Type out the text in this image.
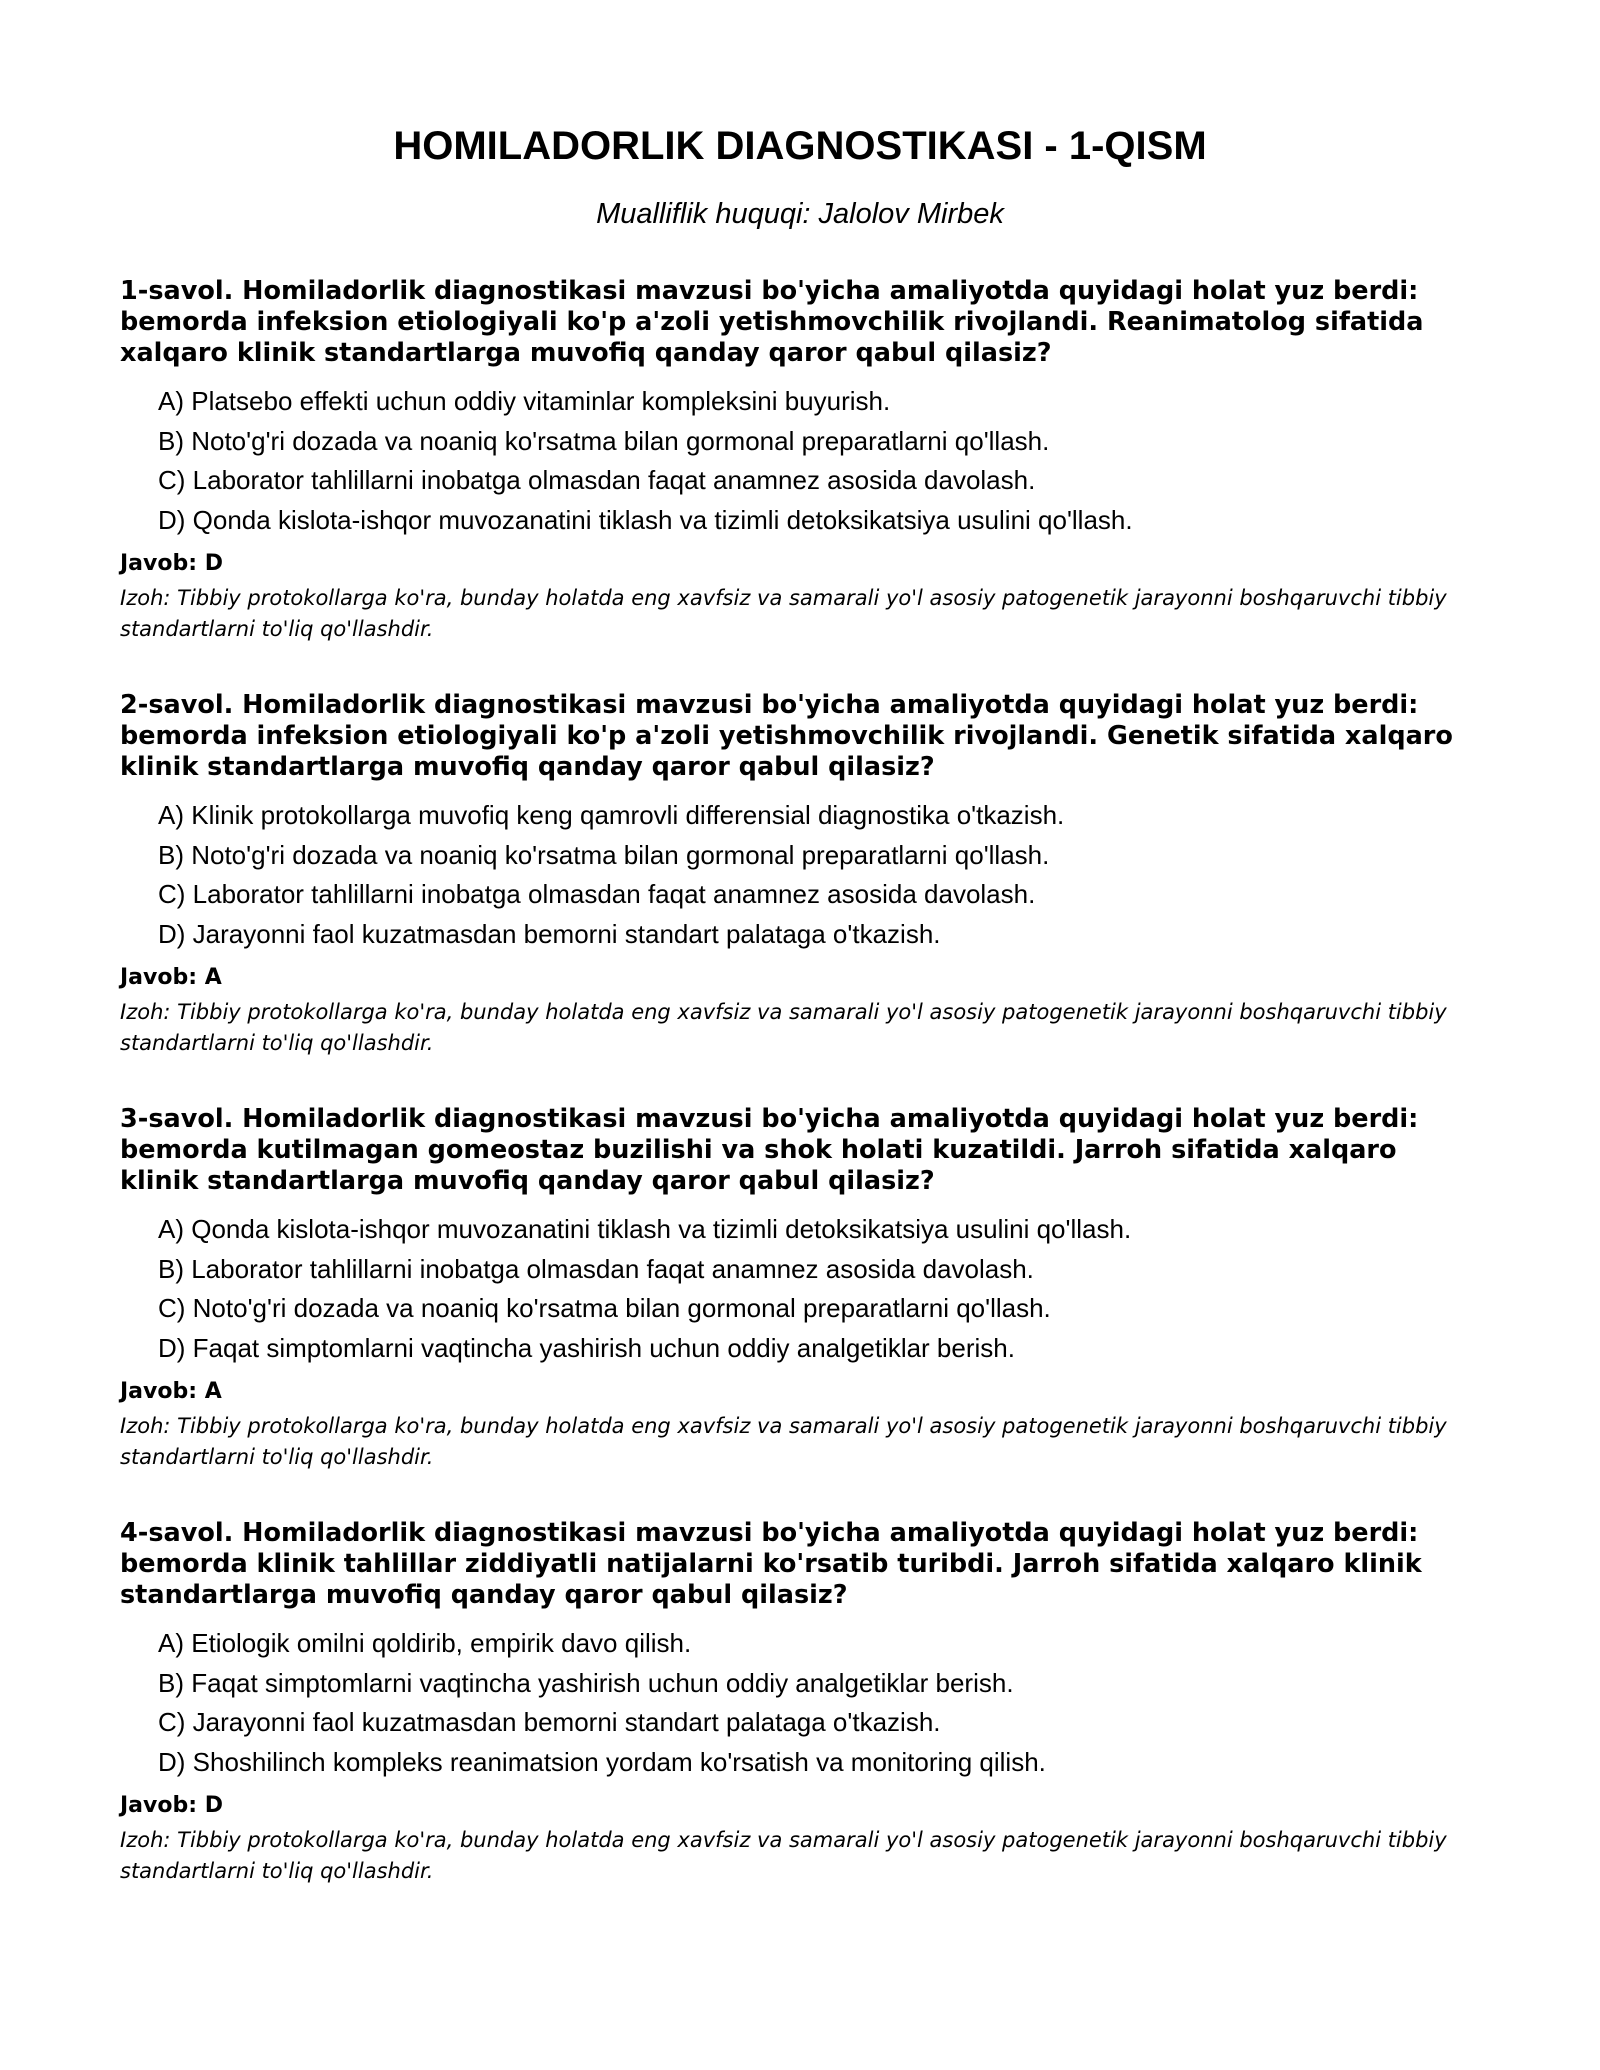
HOMILADORLIK DIAGNOSTIKASI - 1-QISM
Mualliflik huquqi: Jalolov Mirbek

1-savol. Homiladorlik diagnostikasi mavzusi bo'yicha amaliyotda quyidagi holat yuz berdi: bemorda infeksion etiologiyali ko'p a'zoli yetishmovchilik rivojlandi. Reanimatolog sifatida xalqaro klinik standartlarga muvofiq qanday qaror qabul qilasiz?

A) Platsebo effekti uchun oddiy vitaminlar kompleksini buyurish.
B) Noto'g'ri dozada va noaniq ko'rsatma bilan gormonal preparatlarni qo'llash.
C) Laborator tahlillarni inobatga olmasdan faqat anamnez asosida davolash.
D) Qonda kislota-ishqor muvozanatini tiklash va tizimli detoksikatsiya usulini qo'llash.
Javob: D
Izoh: Tibbiy protokollarga ko'ra, bunday holatda eng xavfsiz va samarali yo'l asosiy patogenetik jarayonni boshqaruvchi tibbiy standartlarni to'liq qo'llashdir.

2-savol. Homiladorlik diagnostikasi mavzusi bo'yicha amaliyotda quyidagi holat yuz berdi: bemorda infeksion etiologiyali ko'p a'zoli yetishmovchilik rivojlandi. Genetik sifatida xalqaro klinik standartlarga muvofiq qanday qaror qabul qilasiz?

A) Klinik protokollarga muvofiq keng qamrovli differensial diagnostika o'tkazish.
B) Noto'g'ri dozada va noaniq ko'rsatma bilan gormonal preparatlarni qo'llash.
C) Laborator tahlillarni inobatga olmasdan faqat anamnez asosida davolash.
D) Jarayonni faol kuzatmasdan bemorni standart palataga o'tkazish.
Javob: A
Izoh: Tibbiy protokollarga ko'ra, bunday holatda eng xavfsiz va samarali yo'l asosiy patogenetik jarayonni boshqaruvchi tibbiy standartlarni to'liq qo'llashdir.

3-savol. Homiladorlik diagnostikasi mavzusi bo'yicha amaliyotda quyidagi holat yuz berdi: bemorda kutilmagan gomeostaz buzilishi va shok holati kuzatildi. Jarroh sifatida xalqaro klinik standartlarga muvofiq qanday qaror qabul qilasiz?

A) Qonda kislota-ishqor muvozanatini tiklash va tizimli detoksikatsiya usulini qo'llash.
B) Laborator tahlillarni inobatga olmasdan faqat anamnez asosida davolash.
C) Noto'g'ri dozada va noaniq ko'rsatma bilan gormonal preparatlarni qo'llash.
D) Faqat simptomlarni vaqtincha yashirish uchun oddiy analgetiklar berish.
Javob: A
Izoh: Tibbiy protokollarga ko'ra, bunday holatda eng xavfsiz va samarali yo'l asosiy patogenetik jarayonni boshqaruvchi tibbiy standartlarni to'liq qo'llashdir.

4-savol. Homiladorlik diagnostikasi mavzusi bo'yicha amaliyotda quyidagi holat yuz berdi: bemorda klinik tahlillar ziddiyatli natijalarni ko'rsatib turibdi. Jarroh sifatida xalqaro klinik standartlarga muvofiq qanday qaror qabul qilasiz?

A) Etiologik omilni qoldirib, empirik davo qilish.
B) Faqat simptomlarni vaqtincha yashirish uchun oddiy analgetiklar berish.
C) Jarayonni faol kuzatmasdan bemorni standart palataga o'tkazish.
D) Shoshilinch kompleks reanimatsion yordam ko'rsatish va monitoring qilish.
Javob: D
Izoh: Tibbiy protokollarga ko'ra, bunday holatda eng xavfsiz va samarali yo'l asosiy patogenetik jarayonni boshqaruvchi tibbiy standartlarni to'liq qo'llashdir.
